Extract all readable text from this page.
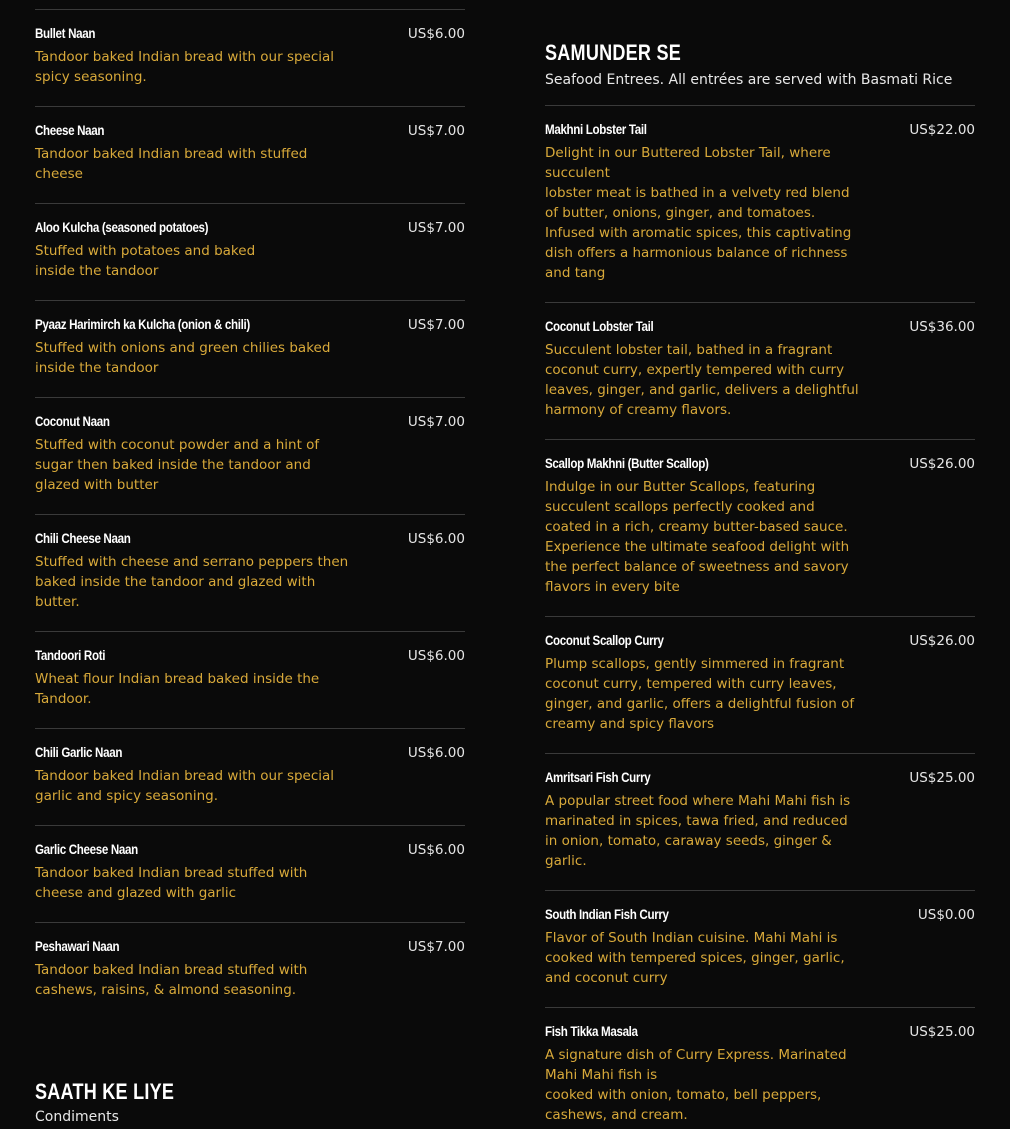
US$6.00
Bullet Naan
Tandoor baked Indian bread with our special
spicy seasoning.
US$7.00
Cheese Naan
Tandoor baked Indian bread with stuffed
cheese
US$7.00
Aloo Kulcha (seasoned potatoes)
Stuffed with potatoes and baked
inside the tandoor
US$7.00
Pyaaz Harimirch ka Kulcha (onion & chili)
Stuffed with onions and green chilies baked
inside the tandoor
US$7.00
Coconut Naan
Stuffed with coconut powder and a hint of
sugar then baked inside the tandoor and
glazed with butter
US$6.00
Chili Cheese Naan
Stuffed with cheese and serrano peppers then
baked inside the tandoor and glazed with
butter.
US$6.00
Tandoori Roti
Wheat flour Indian bread baked inside the
Tandoor.
US$6.00
Chili Garlic Naan
Tandoor baked Indian bread with our special
garlic and spicy seasoning.
US$6.00
Garlic Cheese Naan
Tandoor baked Indian bread stuffed with
cheese and glazed with garlic
US$7.00
Peshawari Naan
Tandoor baked Indian bread stuffed with
cashews, raisins, & almond seasoning.
SAATH KE LIYE
Condiments
SAMUNDER SE
Seafood Entrees. All entrées are served with Basmati Rice
US$22.00
Makhni Lobster Tail
Delight in our Buttered Lobster Tail, where
succulent
lobster meat is bathed in a velvety red blend
of butter, onions, ginger, and tomatoes.
Infused with aromatic spices, this captivating
dish offers a harmonious balance of richness
and tang
US$36.00
Coconut Lobster Tail
Succulent lobster tail, bathed in a fragrant
coconut curry, expertly tempered with curry
leaves, ginger, and garlic, delivers a delightful
harmony of creamy flavors.
US$26.00
Scallop Makhni (Butter Scallop)
Indulge in our Butter Scallops, featuring
succulent scallops perfectly cooked and
coated in a rich, creamy butter-based sauce.
Experience the ultimate seafood delight with
the perfect balance of sweetness and savory
flavors in every bite
US$26.00
Coconut Scallop Curry
Plump scallops, gently simmered in fragrant
coconut curry, tempered with curry leaves,
ginger, and garlic, offers a delightful fusion of
creamy and spicy flavors
US$25.00
Amritsari Fish Curry
A popular street food where Mahi Mahi fish is
marinated in spices, tawa fried, and reduced
in onion, tomato, caraway seeds, ginger &
garlic.
US$0.00
South Indian Fish Curry
Flavor of South Indian cuisine. Mahi Mahi is
cooked with tempered spices, ginger, garlic,
and coconut curry
US$25.00
Fish Tikka Masala
A signature dish of Curry Express. Marinated
Mahi Mahi fish is
cooked with onion, tomato, bell peppers,
cashews, and cream.
